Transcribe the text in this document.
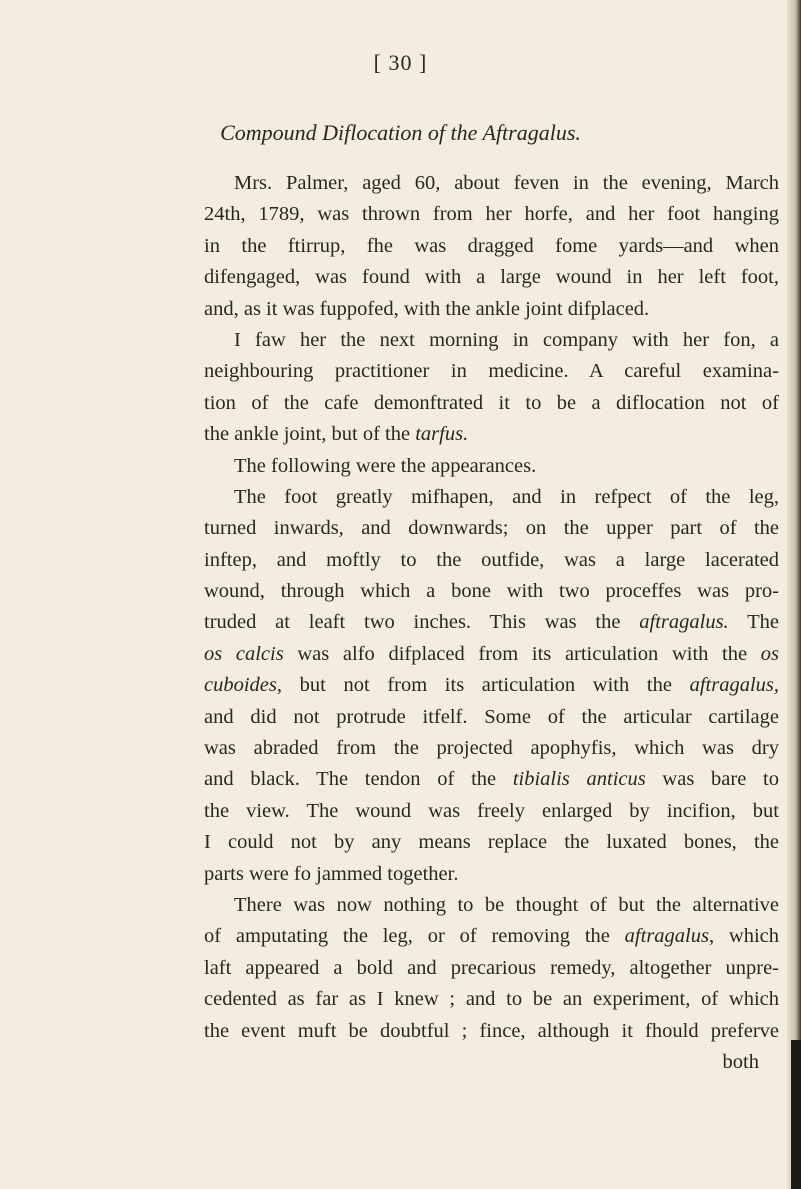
[ 30 ]
Compound Diflocation of the Aftragalus.
Mrs. Palmer, aged 60, about feven in the evening, March
24th, 1789, was thrown from her horfe, and her foot hanging
in the ftirrup, fhe was dragged fome yards—and when
difengaged, was found with a large wound in her left foot,
and, as it was fuppofed, with the ankle joint difplaced.
I faw her the next morning in company with her fon, a
neighbouring practitioner in medicine. A careful examina-
tion of the cafe demonftrated it to be a diflocation not of
the ankle joint, but of the tarfus.
The following were the appearances.
The foot greatly mifhapen, and in refpect of the leg,
turned inwards, and downwards; on the upper part of the
inftep, and moftly to the outfide, was a large lacerated
wound, through which a bone with two proceffes was pro-
truded at leaft two inches. This was the aftragalus. The
os calcis was alfo difplaced from its articulation with the os
cuboides, but not from its articulation with the aftragalus,
and did not protrude itfelf. Some of the articular cartilage
was abraded from the projected apophyfis, which was dry
and black. The tendon of the tibialis anticus was bare to
the view. The wound was freely enlarged by incifion, but
I could not by any means replace the luxated bones, the
parts were fo jammed together.
There was now nothing to be thought of but the alternative
of amputating the leg, or of removing the aftragalus, which
laft appeared a bold and precarious remedy, altogether unpre-
cedented as far as I knew ; and to be an experiment, of which
the event muft be doubtful ; fince, although it fhould preferve
both
